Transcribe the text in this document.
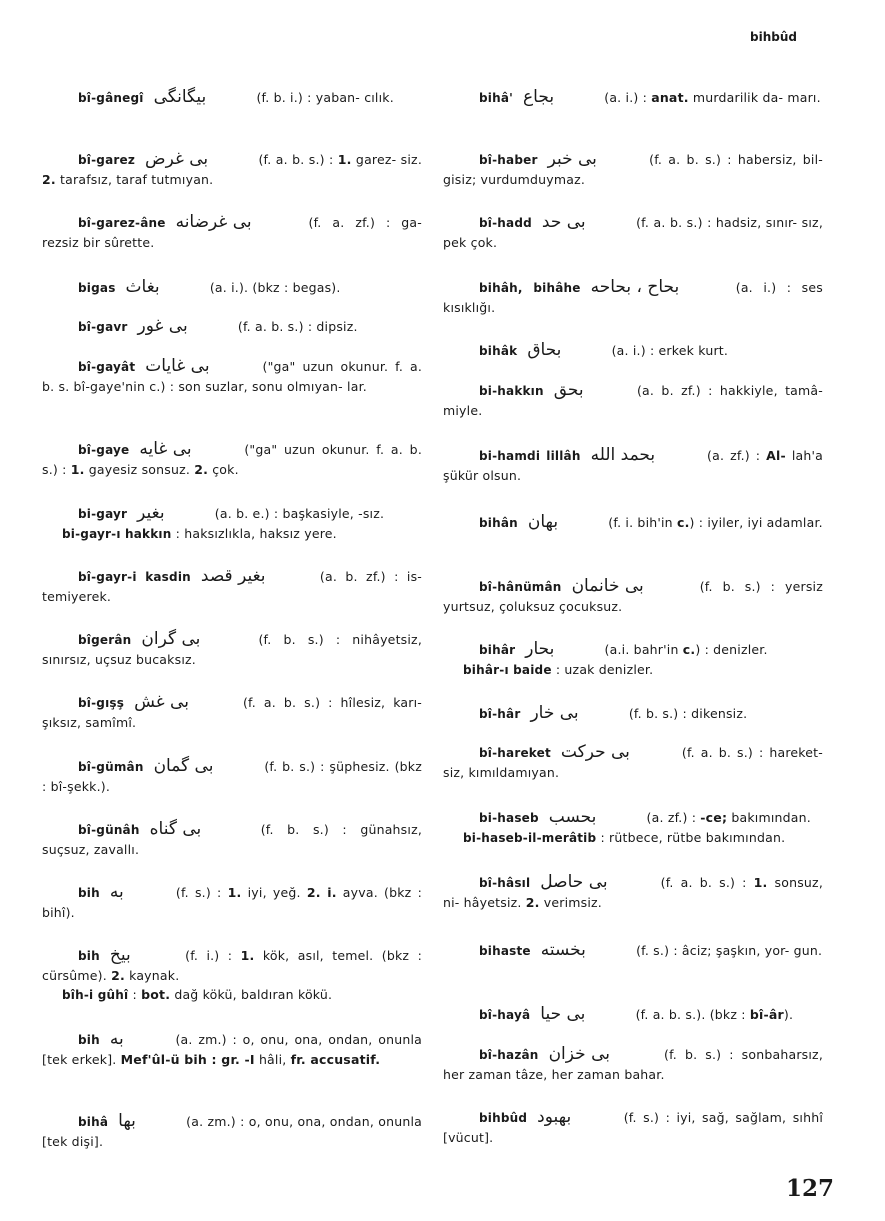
bihbûd
bî-gânegî بیگانگی	(f. b. i.) : yaban- cılık.
bî-garez بی غرض	(f. a. b. s.) : 1. garez- siz. 2. tarafsız, taraf tutmıyan.
bî-garez-âne بی غرضانه	(f. a. zf.) : ga- rezsiz bir sûrette.
bigas بغاث	(a. i.). (bkz : begas).
bî-gavr بی غور	(f. a. b. s.) : dipsiz.
bî-gayât بی غایات	("ga" uzun okunur. f. a. b. s. bî-gaye'nin c.) : son suzlar, sonu olmıyan- lar.
bî-gaye بی غایه	("ga" uzun okunur. f. a. b. s.) : 1. gayesiz sonsuz. 2. çok.
bi-gayr بغیر	(a. b. e.) : başkasiyle, -sız.
bi-gayr-ı hakkın : haksızlıkla, haksız yere.
bî-gayr-i kasdin بغیر قصد	(a. b. zf.) : is- temiyerek.
bîgerân بی گران	(f. b. s.) : nihâyetsiz, sınırsız, uçsuz bucaksız.
bî-gışş بی غش	(f. a. b. s.) : hîlesiz, karı- şıksız, samîmî.
bî-gümân بی گمان	(f. b. s.) : şüphesiz. (bkz : bî-şekk.).
bî-günâh بی گناه	(f. b. s.) : günahsız, suçsuz, zavallı.
bih به	(f. s.) : 1. iyi, yeğ. 2. i. ayva. (bkz : bihî).
bih بیخ	(f. i.) : 1. kök, asıl, temel. (bkz : cürsûme). 2. kaynak.
bîh-i gûhî : bot. dağ kökü, baldıran kökü.
bih به	(a. zm.) : o, onu, ona, ondan, onunla [tek erkek]. Mef'ûl-ü bih : gr. -I hâli, fr. accusatif.
bihâ بها	(a. zm.) : o, onu, ona, ondan, onunla [tek dişi].
bihâ' بجاع	(a. i.) : anat. murdarilik da- marı.
bî-haber بی خبر	(f. a. b. s.) : habersiz, bil- gisiz; vurdumduymaz.
bî-hadd بی حد	(f. a. b. s.) : hadsiz, sınır- sız, pek çok.
bihâh, bihâhe بحاح ، بحاحه	(a. i.) : ses kısıklığı.
bihâk بحاق	(a. i.) : erkek kurt.
bi-hakkın بحق	(a. b. zf.) : hakkiyle, tamâ- miyle.
bi-hamdi lillâh بحمد الله	(a. zf.) : Al- lah'a şükür olsun.
bihân بهان	(f. i. bih'in c.) : iyiler, iyi adamlar.
bî-hânümân بی خانمان	(f. b. s.) : yersiz yurtsuz, çoluksuz çocuksuz.
bihâr بحار	(a.i. bahr'in c.) : denizler.
bihâr-ı baide : uzak denizler.
bî-hâr بی خار	(f. b. s.) : dikensiz.
bî-hareket بی حرکت	(f. a. b. s.) : hareket- siz, kımıldamıyan.
bi-haseb بحسب	(a. zf.) : -ce; bakımından.
bi-haseb-il-merâtib : rütbece, rütbe bakımından.
bî-hâsıl بی حاصل	(f. a. b. s.) : 1. sonsuz, ni- hâyetsiz. 2. verimsiz.
bihaste بخسته	(f. s.) : âciz; şaşkın, yor- gun.
bî-hayâ بی حیا	(f. a. b. s.). (bkz : bî-âr).
bî-hazân بی خزان	(f. b. s.) : sonbaharsız, her zaman tâze, her zaman bahar.
bihbûd بهبود	(f. s.) : iyi, sağ, sağlam, sıhhî [vücut].
127
